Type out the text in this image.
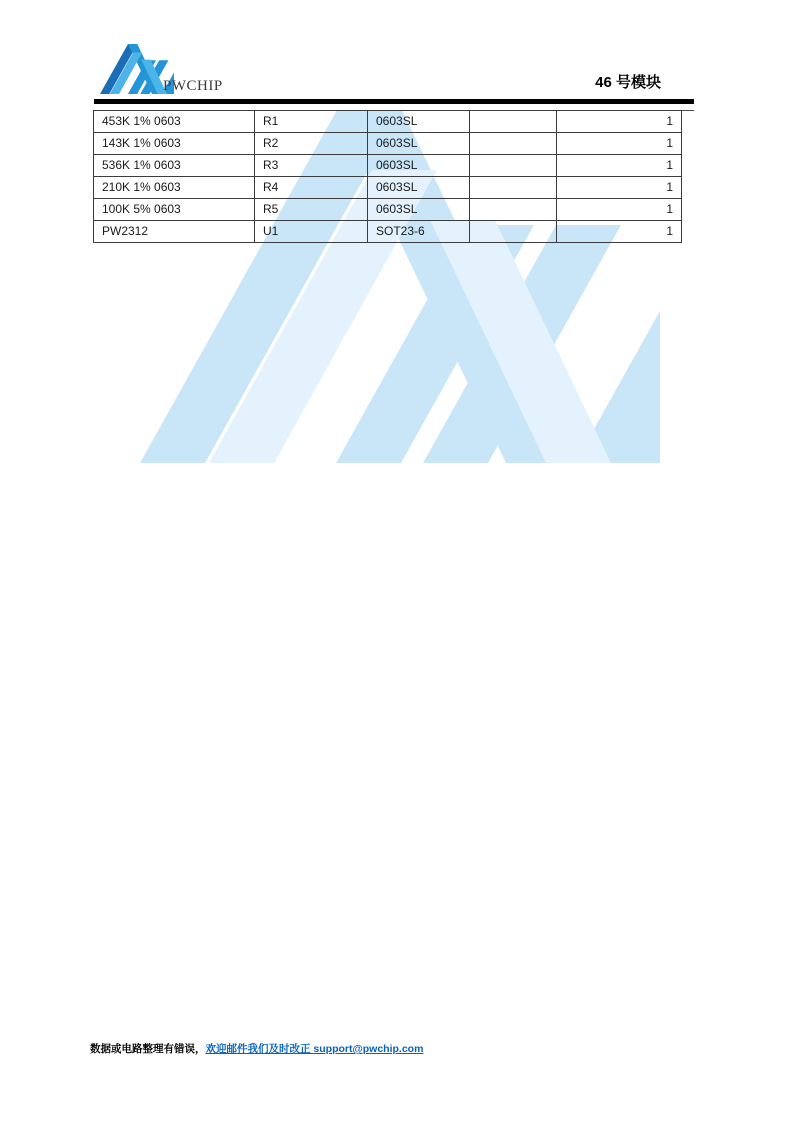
PWCHIP	46 号模块
453K 1% 0603	R1	0603SL		1
143K 1% 0603	R2	0603SL		1
536K 1% 0603	R3	0603SL		1
210K 1% 0603	R4	0603SL		1
100K 5% 0603	R5	0603SL		1
PW2312	U1	SOT23-6		1
数据或电路整理有错误，欢迎邮件我们及时改正 support@pwchip.com
